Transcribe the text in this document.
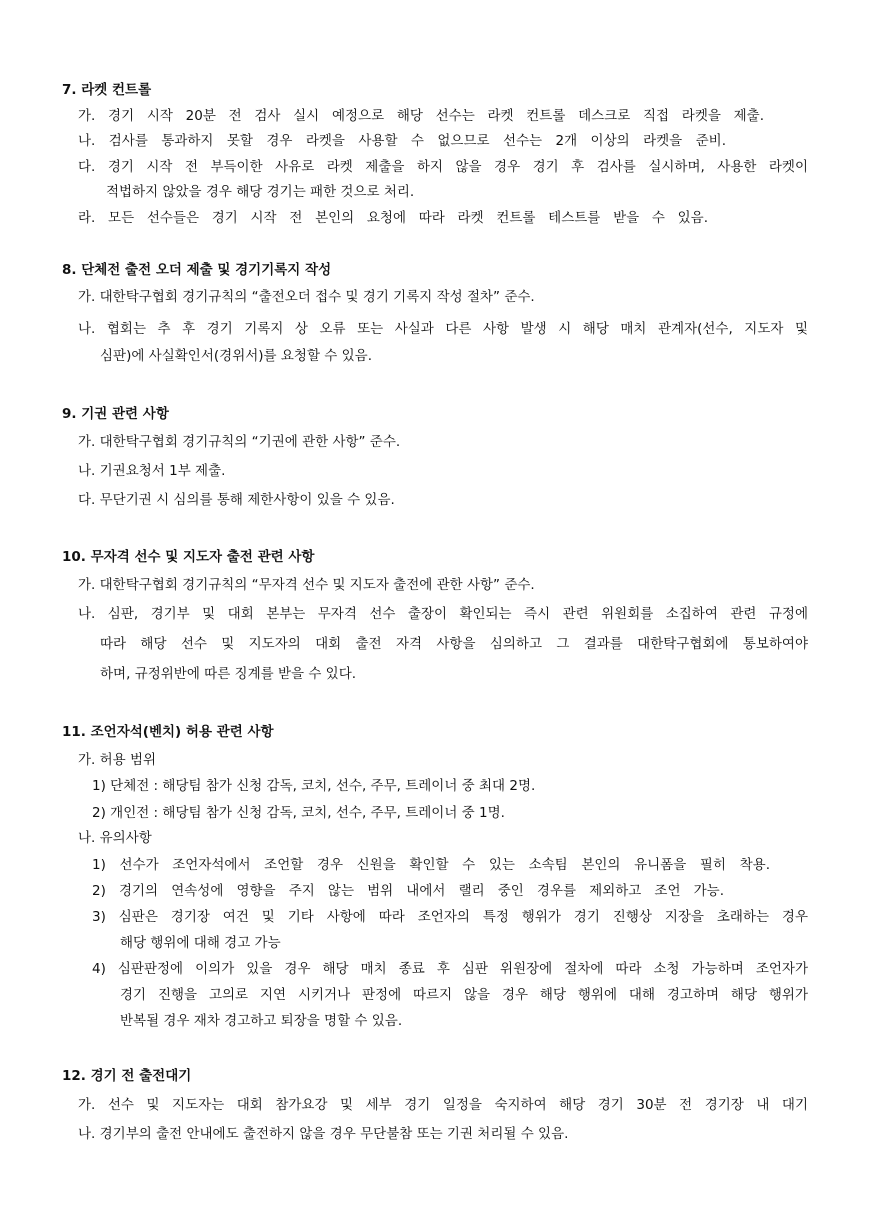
7. 라켓 컨트롤
가. 경기 시작 20분 전 검사 실시 예정으로 해당 선수는 라켓 컨트롤 데스크로 직접 라켓을 제출.
나. 검사를 통과하지 못할 경우 라켓을 사용할 수 없으므로 선수는 2개 이상의 라켓을 준비.
다. 경기 시작 전 부득이한 사유로 라켓 제출을 하지 않을 경우 경기 후 검사를 실시하며, 사용한 라켓이
적법하지 않았을 경우 해당 경기는 패한 것으로 처리.
라. 모든 선수들은 경기 시작 전 본인의 요청에 따라 라켓 컨트롤 테스트를 받을 수 있음.
8. 단체전 출전 오더 제출 및 경기기록지 작성
가. 대한탁구협회 경기규칙의 “출전오더 접수 및 경기 기록지 작성 절차” 준수.
나. 협회는 추 후 경기 기록지 상 오류 또는 사실과 다른 사항 발생 시 해당 매치 관계자(선수, 지도자 및
심판)에 사실확인서(경위서)를 요청할 수 있음.
9. 기권 관련 사항
가. 대한탁구협회 경기규칙의 “기권에 관한 사항” 준수.
나. 기권요청서 1부 제출.
다. 무단기권 시 심의를 통해 제한사항이 있을 수 있음.
10. 무자격 선수 및 지도자 출전 관련 사항
가. 대한탁구협회 경기규칙의 “무자격 선수 및 지도자 출전에 관한 사항” 준수.
나. 심판, 경기부 및 대회 본부는 무자격 선수 출장이 확인되는 즉시 관련 위원회를 소집하여 관련 규정에
따라 해당 선수 및 지도자의 대회 출전 자격 사항을 심의하고 그 결과를 대한탁구협회에 통보하여야
하며, 규정위반에 따른 징계를 받을 수 있다.
11. 조언자석(벤치) 허용 관련 사항
가. 허용 범위
1) 단체전 : 해당팀 참가 신청 감독, 코치, 선수, 주무, 트레이너 중 최대 2명.
2) 개인전 : 해당팀 참가 신청 감독, 코치, 선수, 주무, 트레이너 중 1명.
나. 유의사항
1) 선수가 조언자석에서 조언할 경우 신원을 확인할 수 있는 소속팀 본인의 유니폼을 필히 착용.
2) 경기의 연속성에 영향을 주지 않는 범위 내에서 랠리 중인 경우를 제외하고 조언 가능.
3) 심판은 경기장 여건 및 기타 사항에 따라 조언자의 특정 행위가 경기 진행상 지장을 초래하는 경우
해당 행위에 대해 경고 가능
4) 심판판정에 이의가 있을 경우 해당 매치 종료 후 심판 위원장에 절차에 따라 소청 가능하며 조언자가
경기 진행을 고의로 지연 시키거나 판정에 따르지 않을 경우 해당 행위에 대해 경고하며 해당 행위가
반복될 경우 재차 경고하고 퇴장을 명할 수 있음.
12. 경기 전 출전대기
가. 선수 및 지도자는 대회 참가요강 및 세부 경기 일정을 숙지하여 해당 경기 30분 전 경기장 내 대기
나. 경기부의 출전 안내에도 출전하지 않을 경우 무단불참 또는 기권 처리될 수 있음.
